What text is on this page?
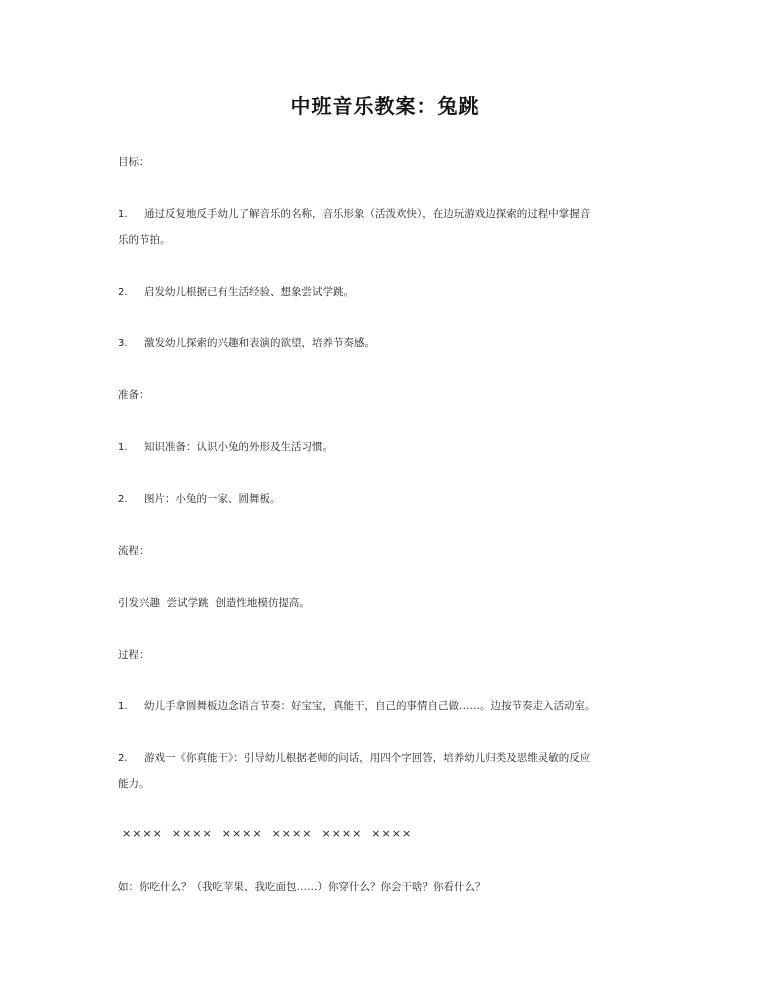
中班音乐教案：兔跳
目标：
1. 通过反复地反手幼儿了解音乐的名称，音乐形象（活泼欢快），在边玩游戏边探索的过程中掌握音
乐的节拍。
2. 启发幼儿根据已有生活经验、想象尝试学跳。
3. 激发幼儿探索的兴趣和表演的欲望，培养节奏感。
准备：
1. 知识准备：认识小兔的外形及生活习惯。
2. 图片：小兔的一家、圆舞板。
流程：
引发兴趣  尝试学跳  创造性地模仿提高。
过程：
1. 幼儿手拿圆舞板边念语言节奏：好宝宝，真能干，自己的事情自己做……。边按节奏走入活动室。
2. 游戏一《你真能干》：引导幼儿根据老师的问话，用四个字回答，培养幼儿归类及思维灵敏的反应
能力。
××××  ××××  ××××  ××××  ××××  ××××
如：你吃什么？（我吃苹果、我吃面包……）你穿什么？你会干啥？你看什么？
